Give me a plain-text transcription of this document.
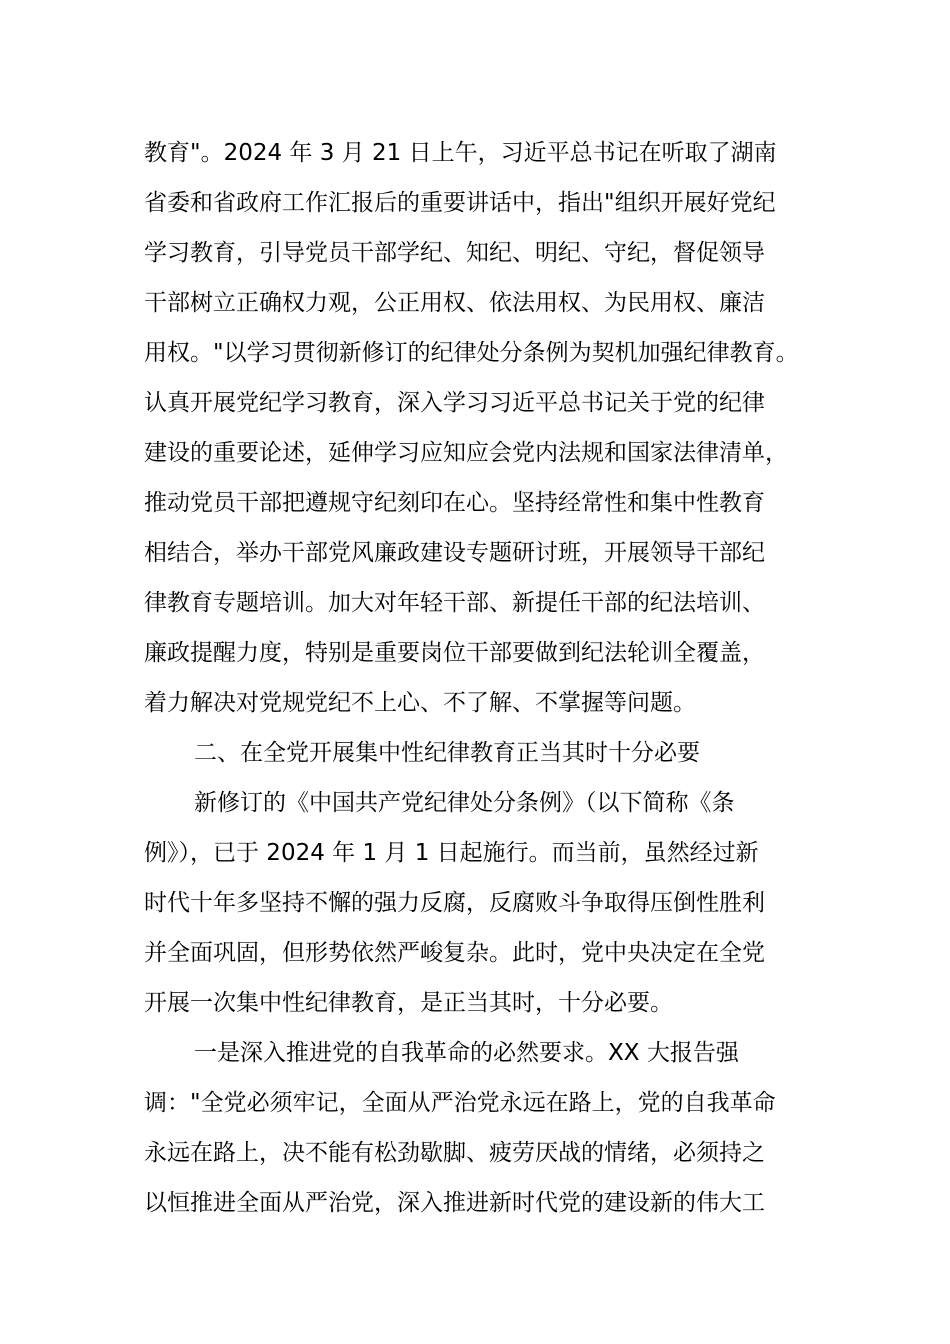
教育"。2024 年 3 月 21 日上午，习近平总书记在听取了湖南
省委和省政府工作汇报后的重要讲话中，指出"组织开展好党纪
学习教育，引导党员干部学纪、知纪、明纪、守纪，督促领导
干部树立正确权力观，公正用权、依法用权、为民用权、廉洁
用权。"以学习贯彻新修订的纪律处分条例为契机加强纪律教育。
认真开展党纪学习教育，深入学习习近平总书记关于党的纪律
建设的重要论述，延伸学习应知应会党内法规和国家法律清单，
推动党员干部把遵规守纪刻印在心。坚持经常性和集中性教育
相结合，举办干部党风廉政建设专题研讨班，开展领导干部纪
律教育专题培训。加大对年轻干部、新提任干部的纪法培训、
廉政提醒力度，特别是重要岗位干部要做到纪法轮训全覆盖，
着力解决对党规党纪不上心、不了解、不掌握等问题。
二、在全党开展集中性纪律教育正当其时十分必要
新修订的《中国共产党纪律处分条例》（以下简称《条
例》），已于 2024 年 1 月 1 日起施行。而当前，虽然经过新
时代十年多坚持不懈的强力反腐，反腐败斗争取得压倒性胜利
并全面巩固，但形势依然严峻复杂。此时，党中央决定在全党
开展一次集中性纪律教育，是正当其时，十分必要。
一是深入推进党的自我革命的必然要求。XX 大报告强
调："全党必须牢记，全面从严治党永远在路上，党的自我革命
永远在路上，决不能有松劲歇脚、疲劳厌战的情绪，必须持之
以恒推进全面从严治党，深入推进新时代党的建设新的伟大工
